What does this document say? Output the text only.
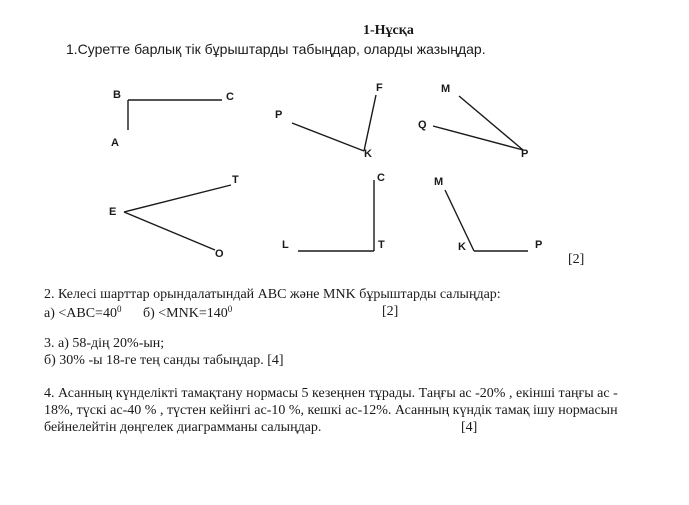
1-Нұсқа
1.Суретте барлық тік бұрыштарды табыңдар, оларды жазыңдар.
B	C
A
P
F
K
M
Q
P
E
T
O
C
L	T
M
K	P
[2]
2. Келесі шарттар орындалатындай ABC және MNK бұрыштарды салыңдар:
$а) <ABC=40^0$ $б) <MNK=140^0$	[2]
3. а) 58-дің 20%-ын;
б) 30% -ы 18-ге тең санды табыңдар. [4]
4. Асанның күнделікті тамақтану нормасы 5 кезеңнен тұрады. Таңғы ас -20% , екінші таңғы ас -
18%, түскі ас-40 % , түстен кейінгі ас-10 %, кешкі ас-12%. Асанның күндік тамақ ішу нормасын
бейнелейтін дөңгелек диаграмманы салыңдар.	[4]
